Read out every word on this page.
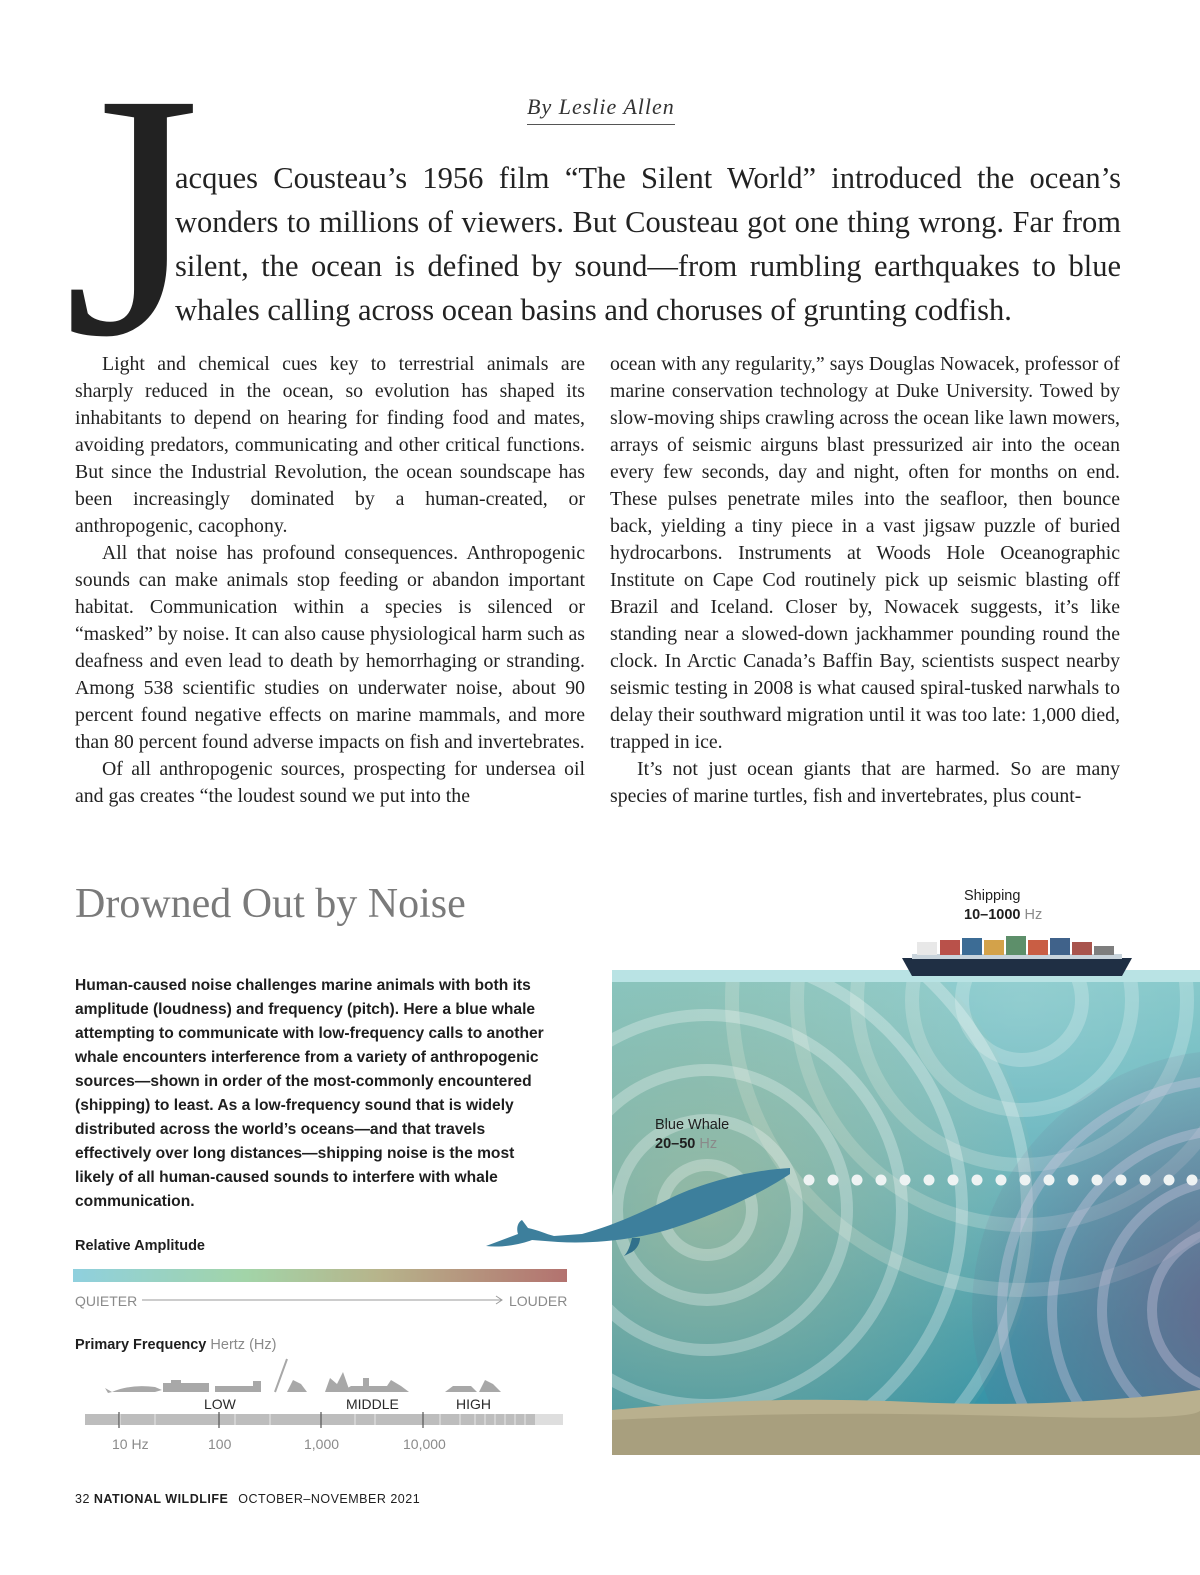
J	By Leslie Allen

acques Cousteau’s 1956 film “The Silent World” introduced the ocean’s wonders to millions of viewers. But Cousteau got one thing wrong. Far from silent, the ocean is defined by sound—from rumbling earthquakes to blue whales calling across ocean basins and choruses of grunting codfish.

Light and chemical cues key to terrestrial animals are sharply reduced in the ocean, so evolution has shaped its inhabitants to depend on hearing for finding food and mates, avoiding predators, communicating and other critical functions. But since the Industrial Revolution, the ocean soundscape has been increasingly dominated by a human-created, or anthropogenic, cacophony.

All that noise has profound consequences. Anthropogenic sounds can make animals stop feeding or abandon important habitat. Communication within a species is silenced or “masked” by noise. It can also cause physiological harm such as deafness and even lead to death by hemorrhaging or stranding. Among 538 scientific studies on underwater noise, about 90 percent found negative effects on marine mammals, and more than 80 percent found adverse impacts on fish and invertebrates.

Of all anthropogenic sources, prospecting for undersea oil and gas creates “the loudest sound we put into the

ocean with any regularity,” says Douglas Nowacek, professor of marine conservation technology at Duke University. Towed by slow-moving ships crawling across the ocean like lawn mowers, arrays of seismic airguns blast pressurized air into the ocean every few seconds, day and night, often for months on end. These pulses penetrate miles into the seafloor, then bounce back, yielding a tiny piece in a vast jigsaw puzzle of buried hydrocarbons. Instruments at Woods Hole Oceanographic Institute on Cape Cod routinely pick up seismic blasting off Brazil and Iceland. Closer by, Nowacek suggests, it’s like standing near a slowed-down jackhammer pounding round the clock. In Arctic Canada’s Baffin Bay, scientists suspect nearby seismic testing in 2008 is what caused spiral-tusked narwhals to delay their southward migration until it was too late: 1,000 died, trapped in ice.

It’s not just ocean giants that are harmed. So are many species of marine turtles, fish and invertebrates, plus count-

Drowned Out by Noise

Human-caused noise challenges marine animals with both its amplitude (loudness) and frequency (pitch). Here a blue whale attempting to communicate with low-frequency calls to another whale encounters interference from a variety of anthropogenic sources—shown in order of the most-commonly encountered (shipping) to least. As a low-frequency sound that is widely distributed across the world’s oceans—and that travels effectively over long distances—shipping noise is the most likely of all human-caused sounds to interfere with whale communication.

Relative Amplitude
QUIETER	LOUDER
Primary Frequency Hertz (Hz)
LOW	MIDDLE	HIGH
10 Hz	100	1,000	10,000
Shipping
10–1000 Hz
Blue Whale
20–50 Hz
32 NATIONAL WILDLIFE OCTOBER–NOVEMBER 2021
